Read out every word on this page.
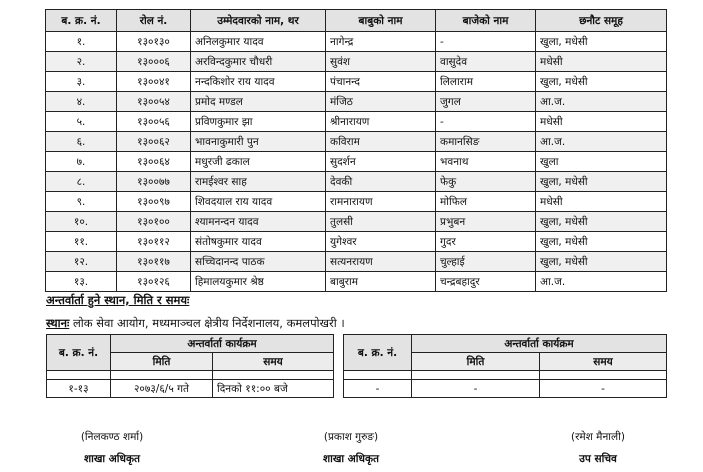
ब. क्र. नं.	रोल नं.	उम्मेदवारको नाम, थर	बाबुको नाम	बाजेको नाम	छनौट समूह
१.	१३०१३०	अनिलकुमार यादव	नागेन्द्र	-	खुला, मधेसी
२.	१३०००६	अरविन्दकुमार चौधरी	सुवंश	वासुदेव	मधेसी
३.	१३००४१	नन्दकिशोर राय यादव	पंचानन्द	लिलाराम	खुला, मधेसी
४.	१३००५४	प्रमोद मण्डल	मंजिठ	जुगल	आ.ज.
५.	१३००५६	प्रविणकुमार झा	श्रीनारायण	-	मधेसी
६.	१३००६२	भावनाकुमारी पुन	कविराम	कमानसिङ	आ.ज.
७.	१३००६४	मधुरजी ढकाल	सुदर्शन	भवनाथ	खुला
८.	१३००७७	रामईश्वर साह	देवकी	फेकु	खुला, मधेसी
९.	१३००९७	शिवदयाल राय यादव	रामनारायण	मोफिल	मधेसी
१०.	१३०१००	श्यामनन्दन यादव	तुलसी	प्रभुबन	खुला, मधेसी
११.	१३०११२	संतोषकुमार यादव	युगेश्वर	गुदर	खुला, मधेसी
१२.	१३०११७	सच्चिदानन्द पाठक	सत्यनरायण	चुल्हाई	खुला, मधेसी
१३.	१३०१२६	हिमालयकुमार श्रेष्ठ	बाबुराम	चन्द्रबहादुर	आ.ज.
अन्तर्वार्ता हुने स्थान, मिति र समयः
स्थानः लोक सेवा आयोग, मध्यमाञ्चल क्षेत्रीय निर्देशनालय, कमलपोखरी ।
ब. क्र. नं.	अन्तर्वार्ता कार्यक्रम	
	मिति	समय

१-१३	२०७३/६/५ गते	दिनको ११:०० बजे
ब. क्र. नं.	अन्तर्वार्ता कार्यक्रम	
	मिति	समय

-	-	-
(निलकण्ठ शर्मा)
शाखा अधिकृत
(प्रकाश गुरुङ)
शाखा अधिकृत
(रमेश मैनाली)
उप सचिव
